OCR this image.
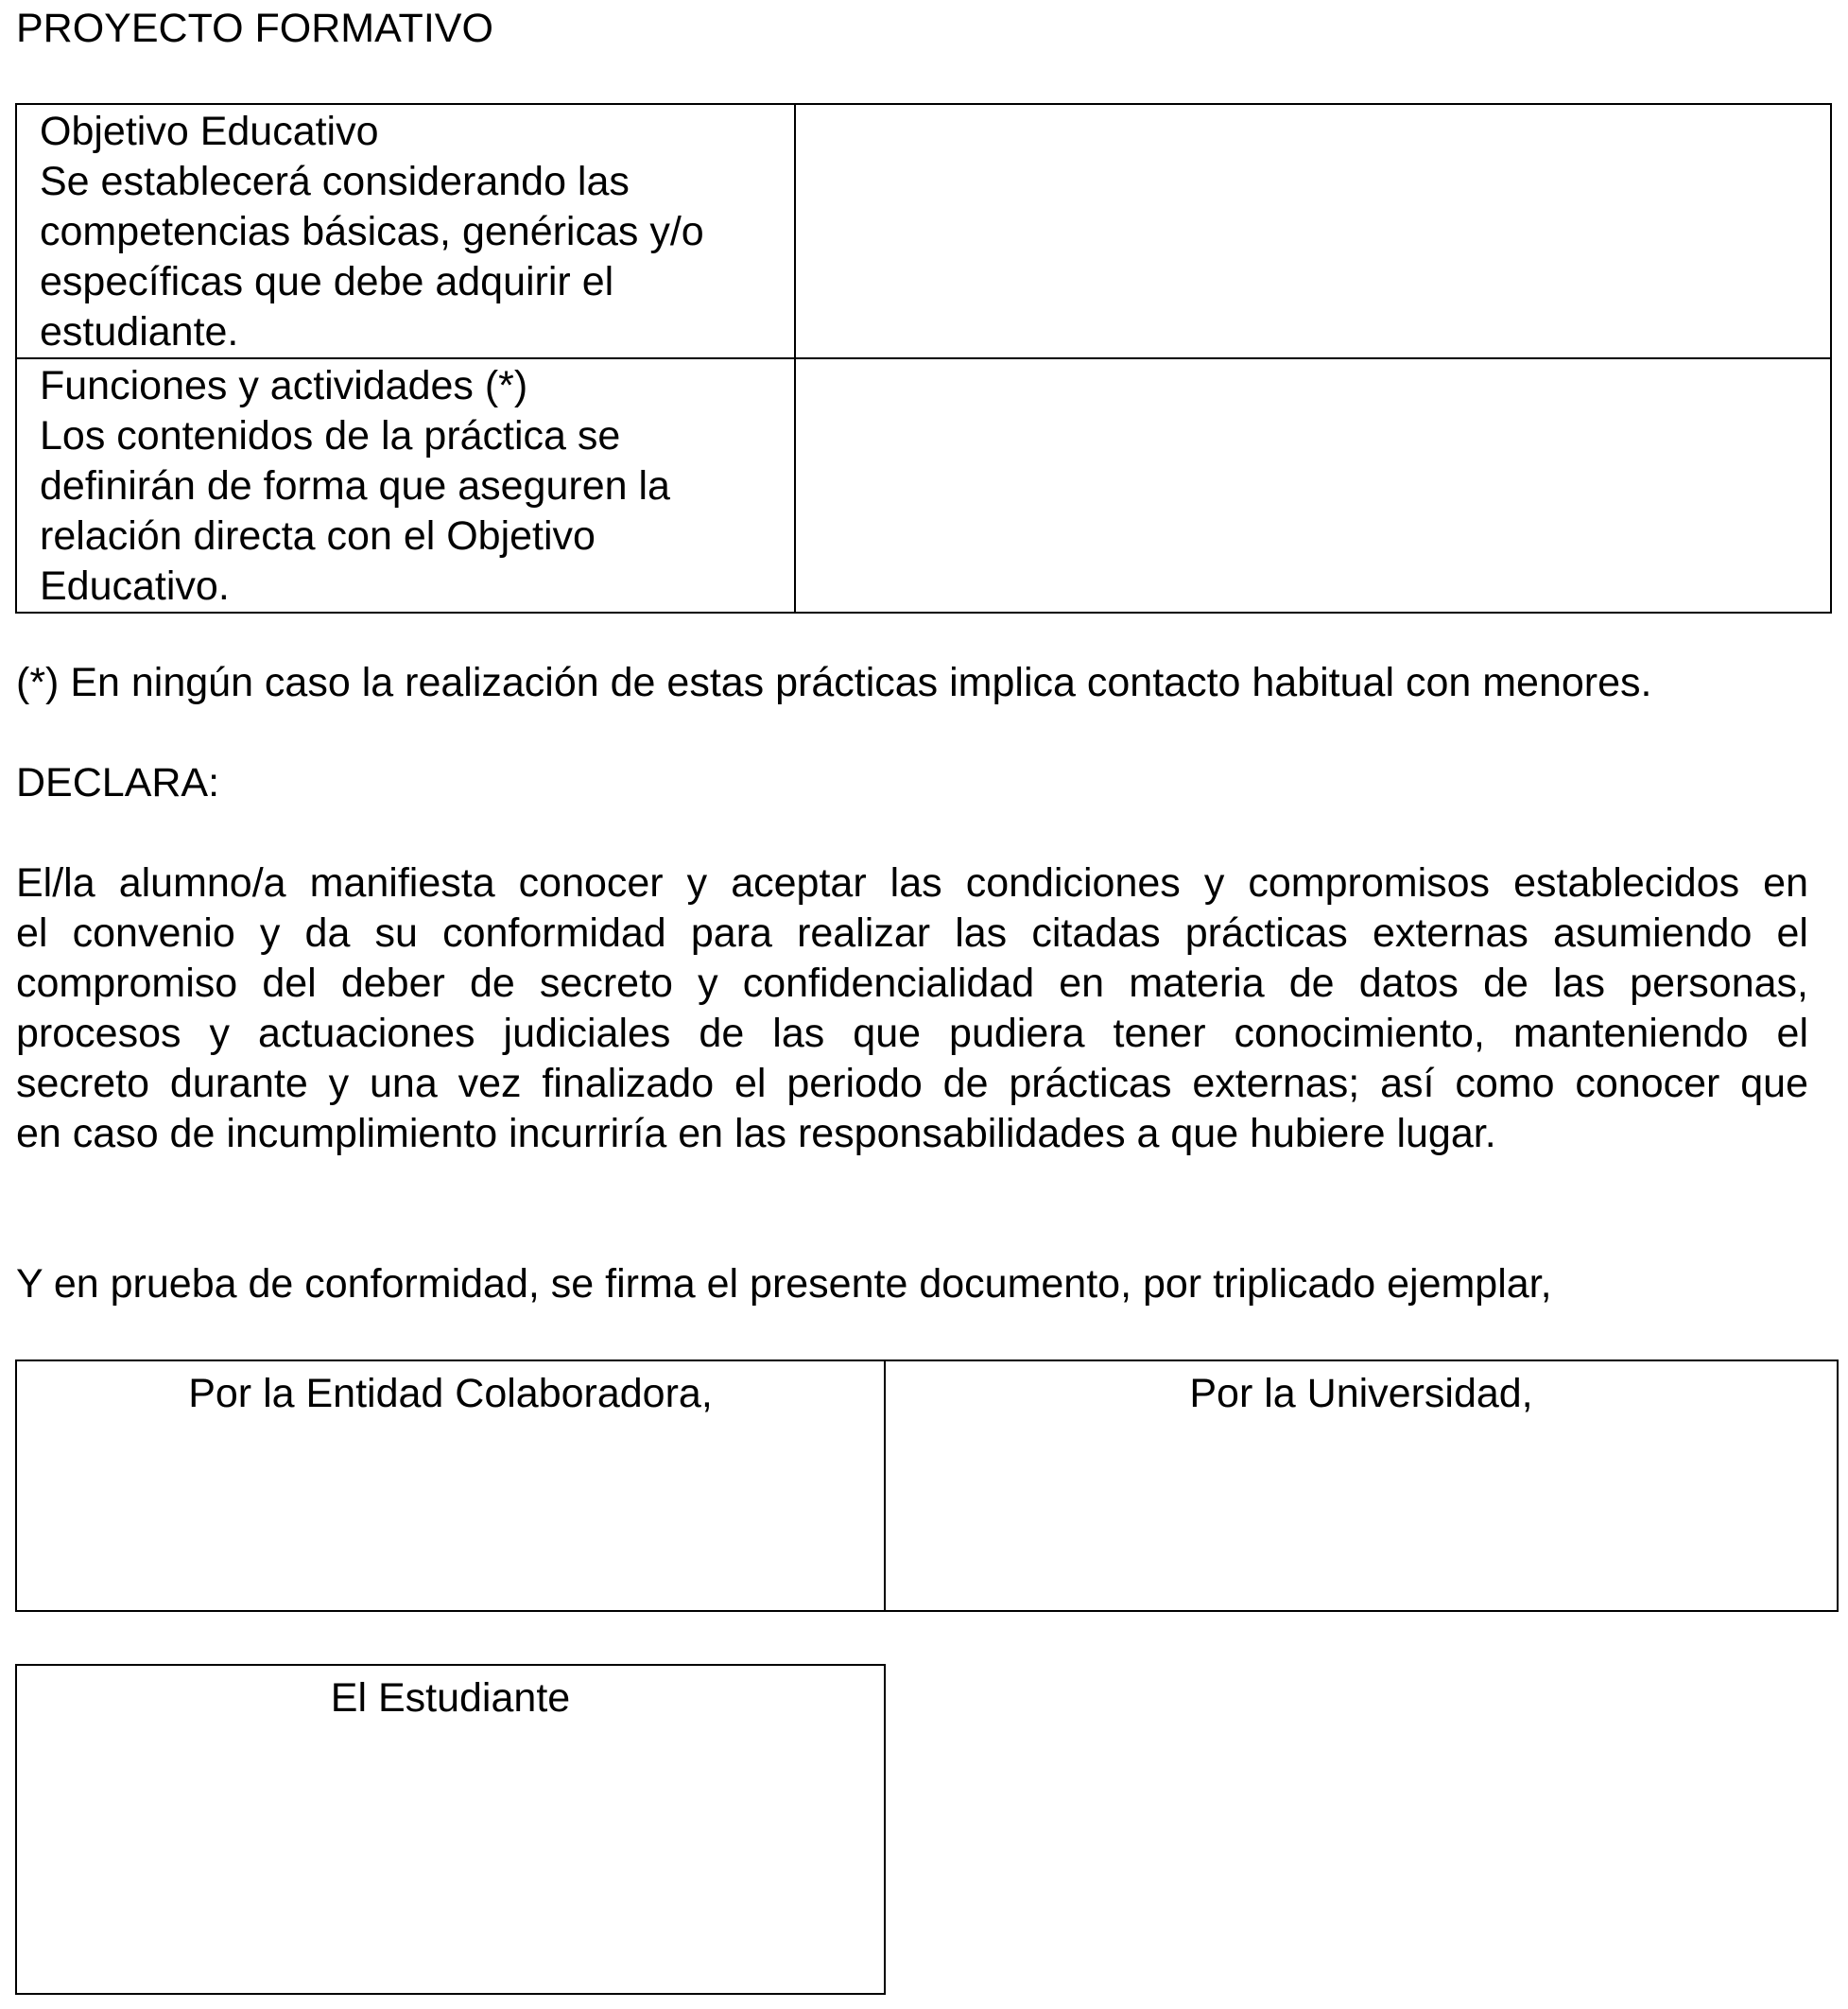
PROYECTO FORMATIVO

Objetivo Educativo
Se establecerá considerando las
competencias básicas, genéricas y/o
específicas que debe adquirir el
estudiante.	

Funciones y actividades (*)
Los contenidos de la práctica se
definirán de forma que aseguren la
relación directa con el Objetivo
Educativo.	

(*) En ningún caso la realización de estas prácticas implica contacto habitual con menores.

DECLARA:

El/la alumno/a manifiesta conocer y aceptar las condiciones y compromisos establecidos en
el convenio y da su conformidad para realizar las citadas prácticas externas asumiendo el
compromiso del deber de secreto y confidencialidad en materia de datos de las personas,
procesos y actuaciones judiciales de las que pudiera tener conocimiento, manteniendo el
secreto durante y una vez finalizado el periodo de prácticas externas; así como conocer que
en caso de incumplimiento incurriría en las responsabilidades a que hubiere lugar.

Y en prueba de conformidad, se firma el presente documento, por triplicado ejemplar,

Por la Entidad Colaboradora,	Por la Universidad,
El Estudiante
